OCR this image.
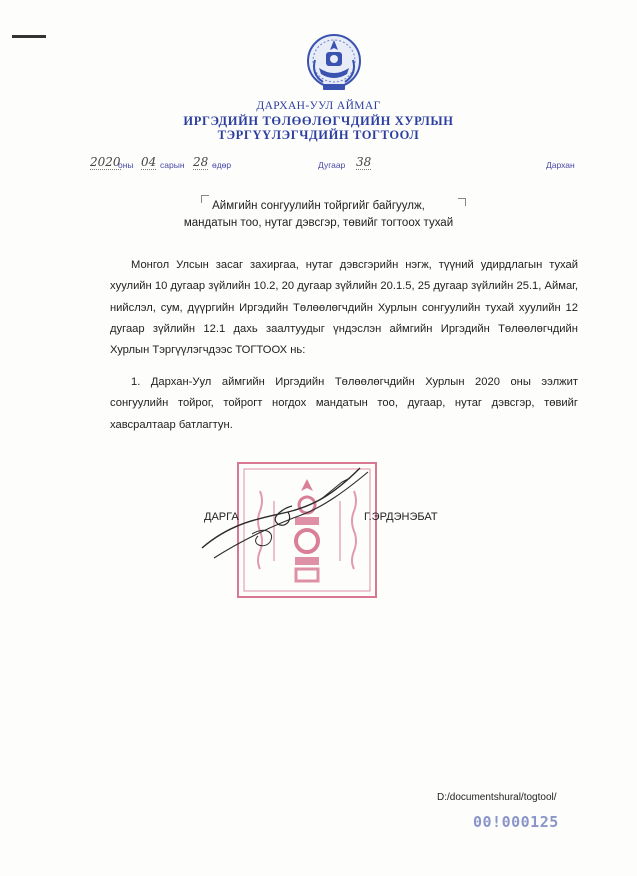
ДАРХАН-УУЛ АЙМАГ
ИРГЭДИЙН ТӨЛӨӨЛӨГЧДИЙН ХУРЛЫН
ТЭРГҮҮЛЭГЧДИЙН ТОГТООЛ
2020
оны 04 сарын 28 өдөр	Дугаар 38	Дархан
Аймгийн сонгуулийн тойргийг байгуулж,
мандатын тоо, нутаг дэвсгэр, төвийг тогтоох тухай
Монгол Улсын засаг захиргаа, нутаг дэвсгэрийн нэгж, түүний удирдлагын тухай хуулийн 10 дугаар зүйлийн 10.2, 20 дугаар зүйлийн 20.1.5, 25 дугаар зүйлийн 25.1, Аймаг, нийслэл, сум, дүүргийн Иргэдийн Төлөөлөгчдийн Хурлын сонгуулийн тухай хуулийн 12 дугаар зүйлийн 12.1 дахь заалтуудыг үндэслэн аймгийн Иргэдийн Төлөөлөгчдийн Хурлын Тэргүүлэгчдээс ТОГТООХ нь:
1. Дархан-Уул аймгийн Иргэдийн Төлөөлөгчдийн Хурлын 2020 оны ээлжит сонгуулийн тойрог, тойрогт ногдох мандатын тоо, дугаар, нутаг дэвсгэр, төвийг хавсралтаар батлагтун.
ДАРГА	Г.ЭРДЭНЭБАТ
D:/documentshural/togtool/
00!000125
